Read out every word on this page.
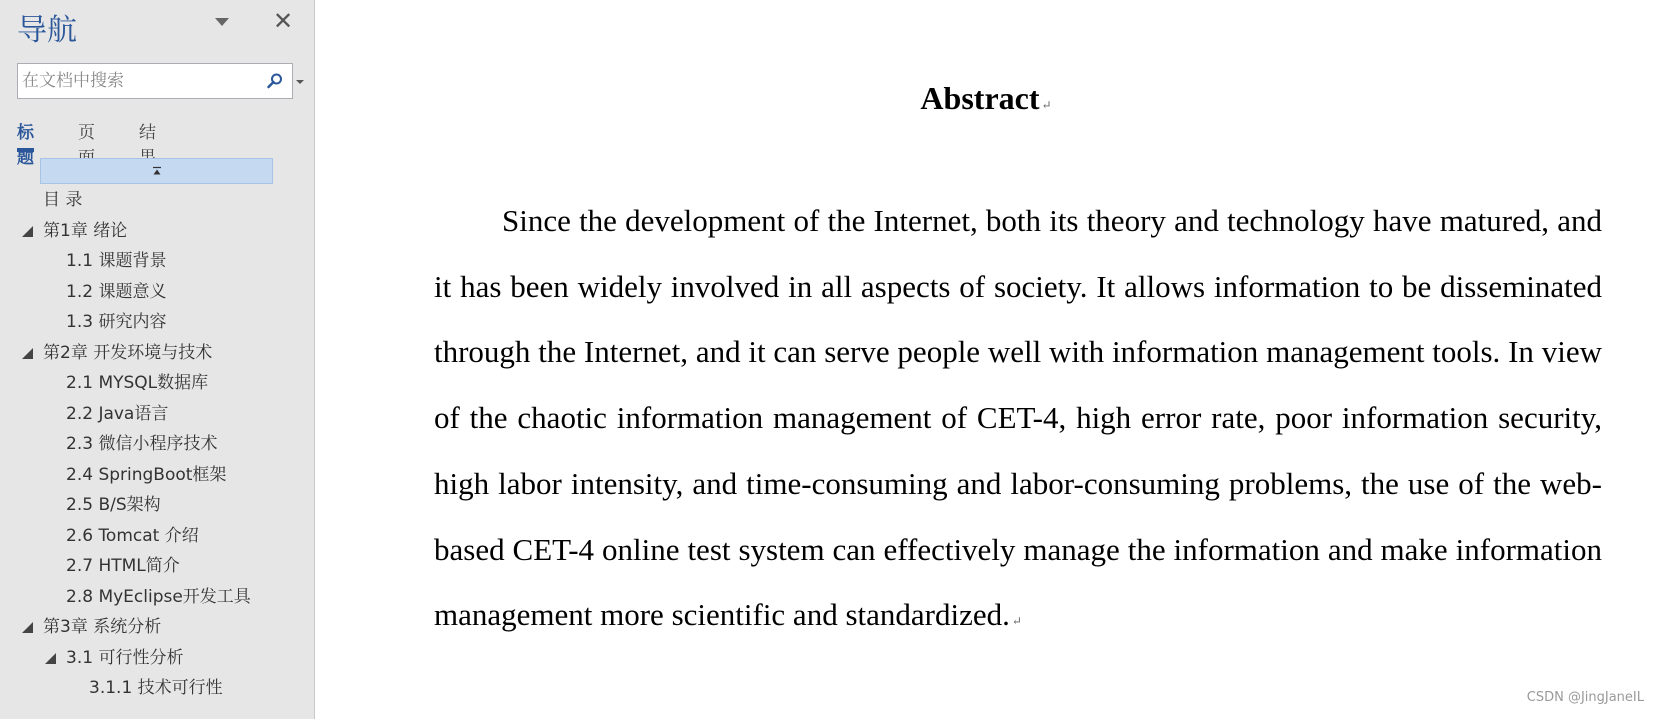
导航	✕
在文档中搜索
标题
页	结
目 录
第1章 绪论
1.1 课题背景
1.2 课题意义
1.3 研究内容
第2章 开发环境与技术
2.1 MYSQL数据库
2.2 Java语言
2.3 微信小程序技术
2.4 SpringBoot框架
2.5 B/S架构
2.6 Tomcat 介绍
2.7 HTML简介
2.8 MyEclipse开发工具
第3章 系统分析
3.1 可行性分析
3.1.1 技术可行性
Abstract ↵
Since the development of the Internet, both its theory and technology have matured, and it has been widely involved in all aspects of society. It allows information to be disseminated through the Internet, and it can serve people well with information management tools. In view of the chaotic information management of CET-4, high error rate, poor information security, high labor intensity, and time-consuming and labor-consuming problems, the use of the web-based CET-4 online test system can effectively manage the information and make information management more scientific and standardized. ↵
CSDN @JingJaneIL
